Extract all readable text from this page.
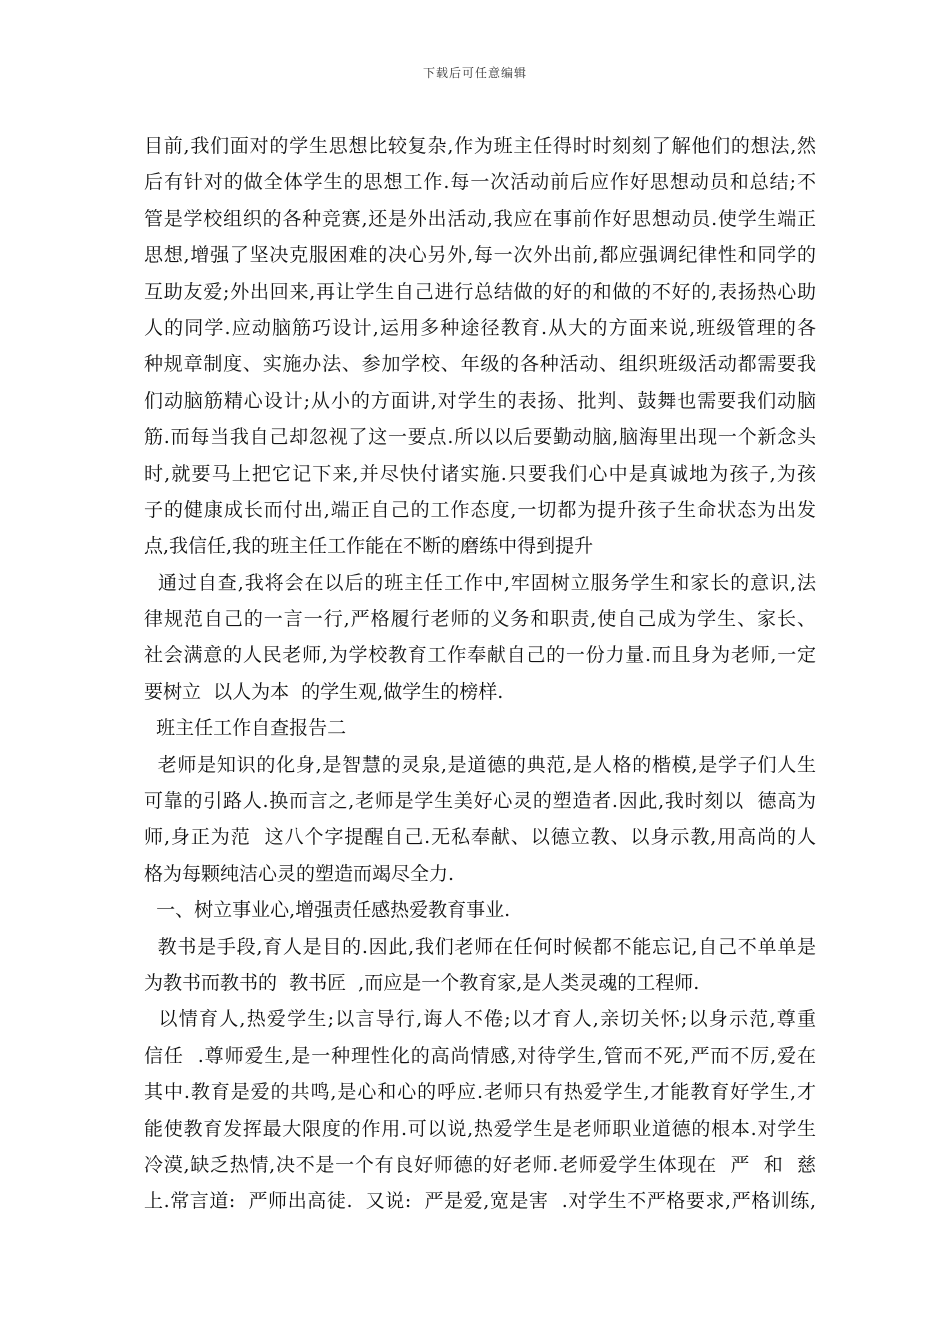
下载后可任意编辑
目前,我们面对的学生思想比较复杂,作为班主任得时时刻刻了解他们的想法,然
后有针对的做全体学生的思想工作.每一次活动前后应作好思想动员和总结;不
管是学校组织的各种竞赛,还是外出活动,我应在事前作好思想动员.使学生端正
思想,增强了坚决克服困难的决心另外,每一次外出前,都应强调纪律性和同学的
互助友爱;外出回来,再让学生自己进行总结做的好的和做的不好的,表扬热心助
人的同学.应动脑筋巧设计,运用多种途径教育.从大的方面来说,班级管理的各
种规章制度、实施办法、参加学校、年级的各种活动、组织班级活动都需要我
们动脑筋精心设计;从小的方面讲,对学生的表扬、批判、鼓舞也需要我们动脑
筋.而每当我自己却忽视了这一要点.所以以后要勤动脑,脑海里出现一个新念头
时,就要马上把它记下来,并尽快付诸实施.只要我们心中是真诚地为孩子,为孩
子的健康成长而付出,端正自己的工作态度,一切都为提升孩子生命状态为出发
点,我信任,我的班主任工作能在不断的磨练中得到提升
通过自查,我将会在以后的班主任工作中,牢固树立服务学生和家长的意识,法
律规范自己的一言一行,严格履行老师的义务和职责,使自己成为学生、家长、
社会满意的人民老师,为学校教育工作奉献自己的一份力量.而且身为老师,一定
要树立  以人为本  的学生观,做学生的榜样.
班主任工作自查报告二
老师是知识的化身,是智慧的灵泉,是道德的典范,是人格的楷模,是学子们人生
可靠的引路人.换而言之,老师是学生美好心灵的塑造者.因此,我时刻以  德高为
师,身正为范  这八个字提醒自己.无私奉献、以德立教、以身示教,用高尚的人
格为每颗纯洁心灵的塑造而竭尽全力.
一、树立事业心,增强责任感热爱教育事业.
教书是手段,育人是目的.因此,我们老师在任何时候都不能忘记,自己不单单是
为教书而教书的  教书匠  ,而应是一个教育家,是人类灵魂的工程师.
以情育人,热爱学生;以言导行,诲人不倦;以才育人,亲切关怀;以身示范,尊重
信任  .尊师爱生,是一种理性化的高尚情感,对待学生,管而不死,严而不厉,爱在
其中.教育是爱的共鸣,是心和心的呼应.老师只有热爱学生,才能教育好学生,才
能使教育发挥最大限度的作用.可以说,热爱学生是老师职业道德的根本.对学生
冷漠,缺乏热情,决不是一个有良好师德的好老师.老师爱学生体现在  严  和  慈
上.常言道:  严师出高徒.  又说:  严是爱,宽是害  .对学生不严格要求,严格训练,
